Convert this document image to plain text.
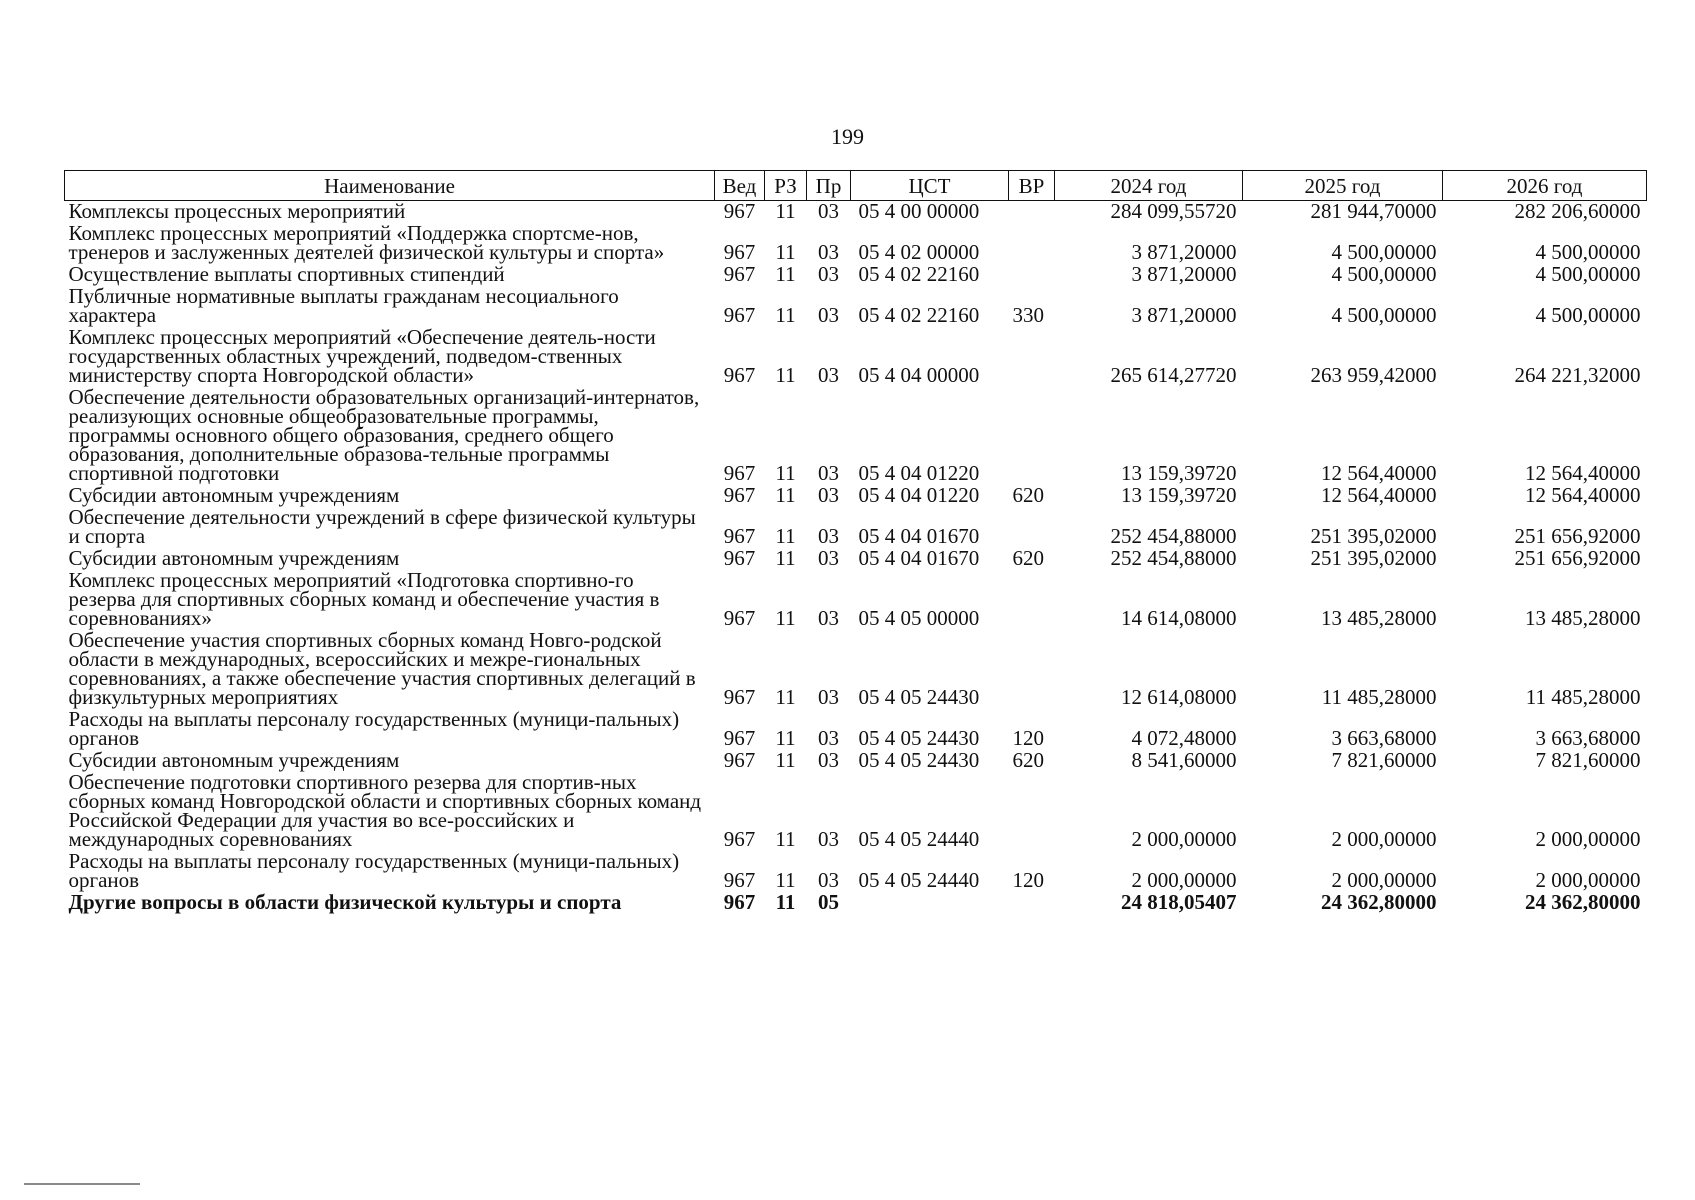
199
Наименование	Вед	РЗ	Пр	ЦСТ	ВР	2024 год	2025 год	2026 год
Комплексы процессных мероприятий	967	11	03	05 4 00 00000		284 099,55720	281 944,70000	282 206,60000
Комплекс процессных мероприятий «Поддержка спортсме-нов, тренеров и заслуженных деятелей физической культуры и спорта»	967	11	03	05 4 02 00000		3 871,20000	4 500,00000	4 500,00000
Осуществление выплаты спортивных стипендий	967	11	03	05 4 02 22160		3 871,20000	4 500,00000	4 500,00000
Публичные нормативные выплаты гражданам несоциального характера	967	11	03	05 4 02 22160	330	3 871,20000	4 500,00000	4 500,00000
Комплекс процессных мероприятий «Обеспечение деятель-ности государственных областных учреждений, подведом-ственных министерству спорта Новгородской области»	967	11	03	05 4 04 00000		265 614,27720	263 959,42000	264 221,32000
Обеспечение деятельности образовательных организаций-интернатов, реализующих основные общеобразовательные программы, программы основного общего образования, среднего общего образования, дополнительные образова-тельные программы спортивной подготовки	967	11	03	05 4 04 01220		13 159,39720	12 564,40000	12 564,40000
Субсидии автономным учреждениям	967	11	03	05 4 04 01220	620	13 159,39720	12 564,40000	12 564,40000
Обеспечение деятельности учреждений в сфере физической культуры и спорта	967	11	03	05 4 04 01670		252 454,88000	251 395,02000	251 656,92000
Субсидии автономным учреждениям	967	11	03	05 4 04 01670	620	252 454,88000	251 395,02000	251 656,92000
Комплекс процессных мероприятий «Подготовка спортивно-го резерва для спортивных сборных команд и обеспечение участия в соревнованиях»	967	11	03	05 4 05 00000		14 614,08000	13 485,28000	13 485,28000
Обеспечение участия спортивных сборных команд Новго-родской области в международных, всероссийских и межре-гиональных соревнованиях, а также обеспечение участия спортивных делегаций в физкультурных мероприятиях	967	11	03	05 4 05 24430		12 614,08000	11 485,28000	11 485,28000
Расходы на выплаты персоналу государственных (муници-пальных) органов	967	11	03	05 4 05 24430	120	4 072,48000	3 663,68000	3 663,68000
Субсидии автономным учреждениям	967	11	03	05 4 05 24430	620	8 541,60000	7 821,60000	7 821,60000
Обеспечение подготовки спортивного резерва для спортив-ных сборных команд Новгородской области и спортивных сборных команд Российской Федерации для участия во все-российских и международных соревнованиях	967	11	03	05 4 05 24440		2 000,00000	2 000,00000	2 000,00000
Расходы на выплаты персоналу государственных (муници-пальных) органов	967	11	03	05 4 05 24440	120	2 000,00000	2 000,00000	2 000,00000
Другие вопросы в области физической культуры и спорта	967	11	05			24 818,05407	24 362,80000	24 362,80000
